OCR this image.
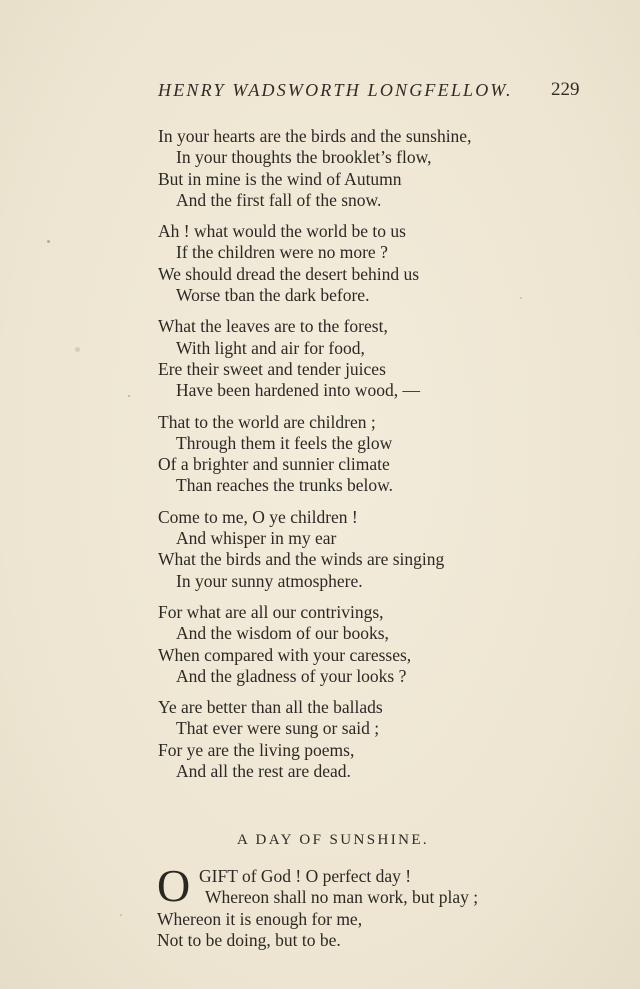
HENRY WADSWORTH LONGFELLOW. 229
In your hearts are the birds and the sunshine,
In your thoughts the brooklet’s flow,
But in mine is the wind of Autumn
And the first fall of the snow.
Ah ! what would the world be to us
If the children were no more ?
We should dread the desert behind us
Worse tban the dark before.
What the leaves are to the forest,
With light and air for food,
Ere their sweet and tender juices
Have been hardened into wood, —
That to the world are children ;
Through them it feels the glow
Of a brighter and sunnier climate
Than reaches the trunks below.
Come to me, O ye children !
And whisper in my ear
What the birds and the winds are singing
In your sunny atmosphere.
For what are all our contrivings,
And the wisdom of our books,
When compared with your caresses,
And the gladness of your looks ?
Ye are better than all the ballads
That ever were sung or said ;
For ye are the living poems,
And all the rest are dead.
A DAY OF SUNSHINE.
O GIFT of God ! O perfect day !
Whereon shall no man work, but play ;
Whereon it is enough for me,
Not to be doing, but to be.
